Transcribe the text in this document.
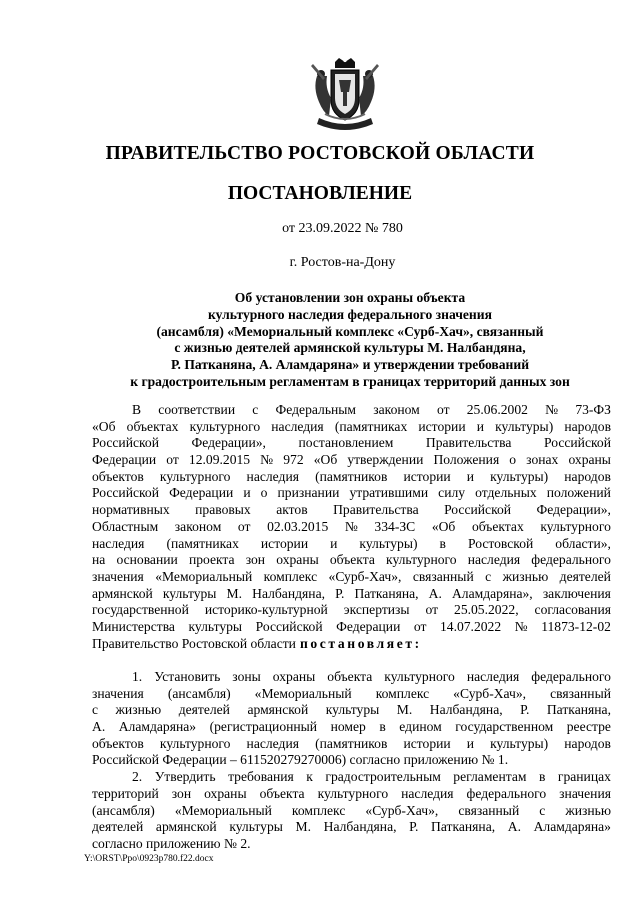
ПРАВИТЕЛЬСТВО РОСТОВСКОЙ ОБЛАСТИ
ПОСТАНОВЛЕНИЕ
от 23.09.2022 № 780
г. Ростов-на-Дону
Об установлении зон охраны объекта
культурного наследия федерального значения
(ансамбля) «Мемориальный комплекс «Сурб-Хач», связанный
с жизнью деятелей армянской культуры М. Налбандяна,
Р. Патканяна, А. Аламдаряна» и утверждении требований
к градостроительным регламентам в границах территорий данных зон
В соответствии с Федеральным законом от 25.06.2002 № 73-ФЗ
«Об объектах культурного наследия (памятниках истории и культуры) народов
Российской Федерации», постановлением Правительства Российской
Федерации от 12.09.2015 № 972 «Об утверждении Положения о зонах охраны
объектов культурного наследия (памятников истории и культуры) народов
Российской Федерации и о признании утратившими силу отдельных положений
нормативных правовых актов Правительства Российской Федерации»,
Областным законом от 02.03.2015 № 334-ЗС «Об объектах культурного
наследия (памятниках истории и культуры) в Ростовской области»,
на основании проекта зон охраны объекта культурного наследия федерального
значения «Мемориальный комплекс «Сурб-Хач», связанный с жизнью деятелей
армянской культуры М. Налбандяна, Р. Патканяна, А. Аламдаряна», заключения
государственной историко-культурной экспертизы от 25.05.2022, согласования
Министерства культуры Российской Федерации от 14.07.2022 № 11873-12-02
Правительство Ростовской области постановляет:
1. Установить зоны охраны объекта культурного наследия федерального
значения (ансамбля) «Мемориальный комплекс «Сурб-Хач», связанный
с жизнью деятелей армянской культуры М. Налбандяна, Р. Патканяна,
А. Аламдаряна» (регистрационный номер в едином государственном реестре
объектов культурного наследия (памятников истории и культуры) народов
Российской Федерации – 611520279270006) согласно приложению № 1.
2. Утвердить требования к градостроительным регламентам в границах
территорий зон охраны объекта культурного наследия федерального значения
(ансамбля) «Мемориальный комплекс «Сурб-Хач», связанный с жизнью
деятелей армянской культуры М. Налбандяна, Р. Патканяна, А. Аламдаряна»
согласно приложению № 2.
Y:\ORST\Ppo\0923p780.f22.docx
